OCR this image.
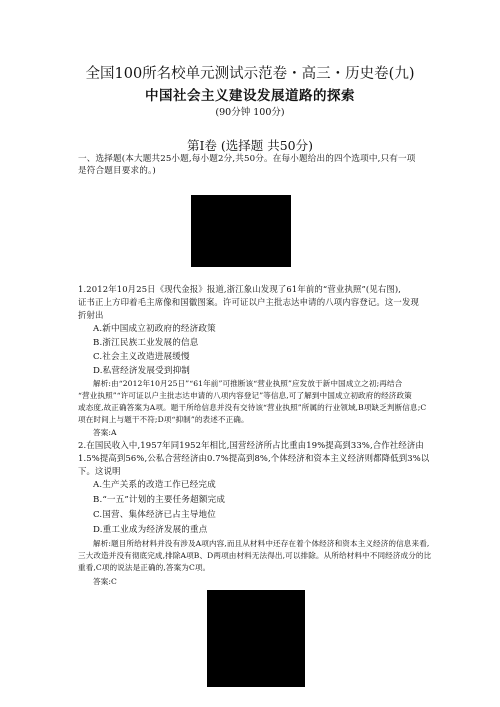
全国100所名校单元测试示范卷・高三・历史卷(九)
中国社会主义建设发展道路的探索
(90分钟 100分)
第Ⅰ卷 (选择题 共50分)
一、选择题(本大题共25小题,每小题2分,共50分。在每小题给出的四个选项中,只有一项
是符合题目要求的。)
1.2012年10月25日《现代金报》报道,浙江象山发现了61年前的“营业执照”(见右图),
证书正上方印着毛主席像和国徽图案。许可证以户主批志达申请的八项内容登记。这一发现
折射出
A.新中国成立初政府的经济政策
B.浙江民族工业发展的信息
C.社会主义改造进展缓慢
D.私营经济发展受到抑制
解析:由“2012年10月25日”“61年前”可推断该“营业执照”应发放于新中国成立之初;再结合
“营业执照”“许可证以户主批志达申请的八项内容登记”等信息,可了解到中国成立初政府的经济政策
或态度,故正确答案为A项。题干所给信息并没有交待该“营业执照”所属的行业领域,B项缺乏判断信息;C
项在时间上与题干不符;D项“抑制”的表述不正确。
答案:A
2.在国民收入中,1957年同1952年相比,国营经济所占比重由19%提高到33%,合作社经济由
1.5%提高到56%,公私合营经济由0.7%提高到8%,个体经济和资本主义经济则都降低到3%以
下。这说明
A.生产关系的改造工作已经完成
B.“一五”计划的主要任务超额完成
C.国营、集体经济已占主导地位
D.重工业成为经济发展的重点
解析:题目所给材料并没有涉及A项内容,而且从材料中还存在着个体经济和资本主义经济的信息来看,
三大改造并没有彻底完成,排除A项B、D两项由材料无法得出,可以排除。从所给材料中不同经济成分的比
重看,C项的说法是正确的,答案为C项。
答案:C
